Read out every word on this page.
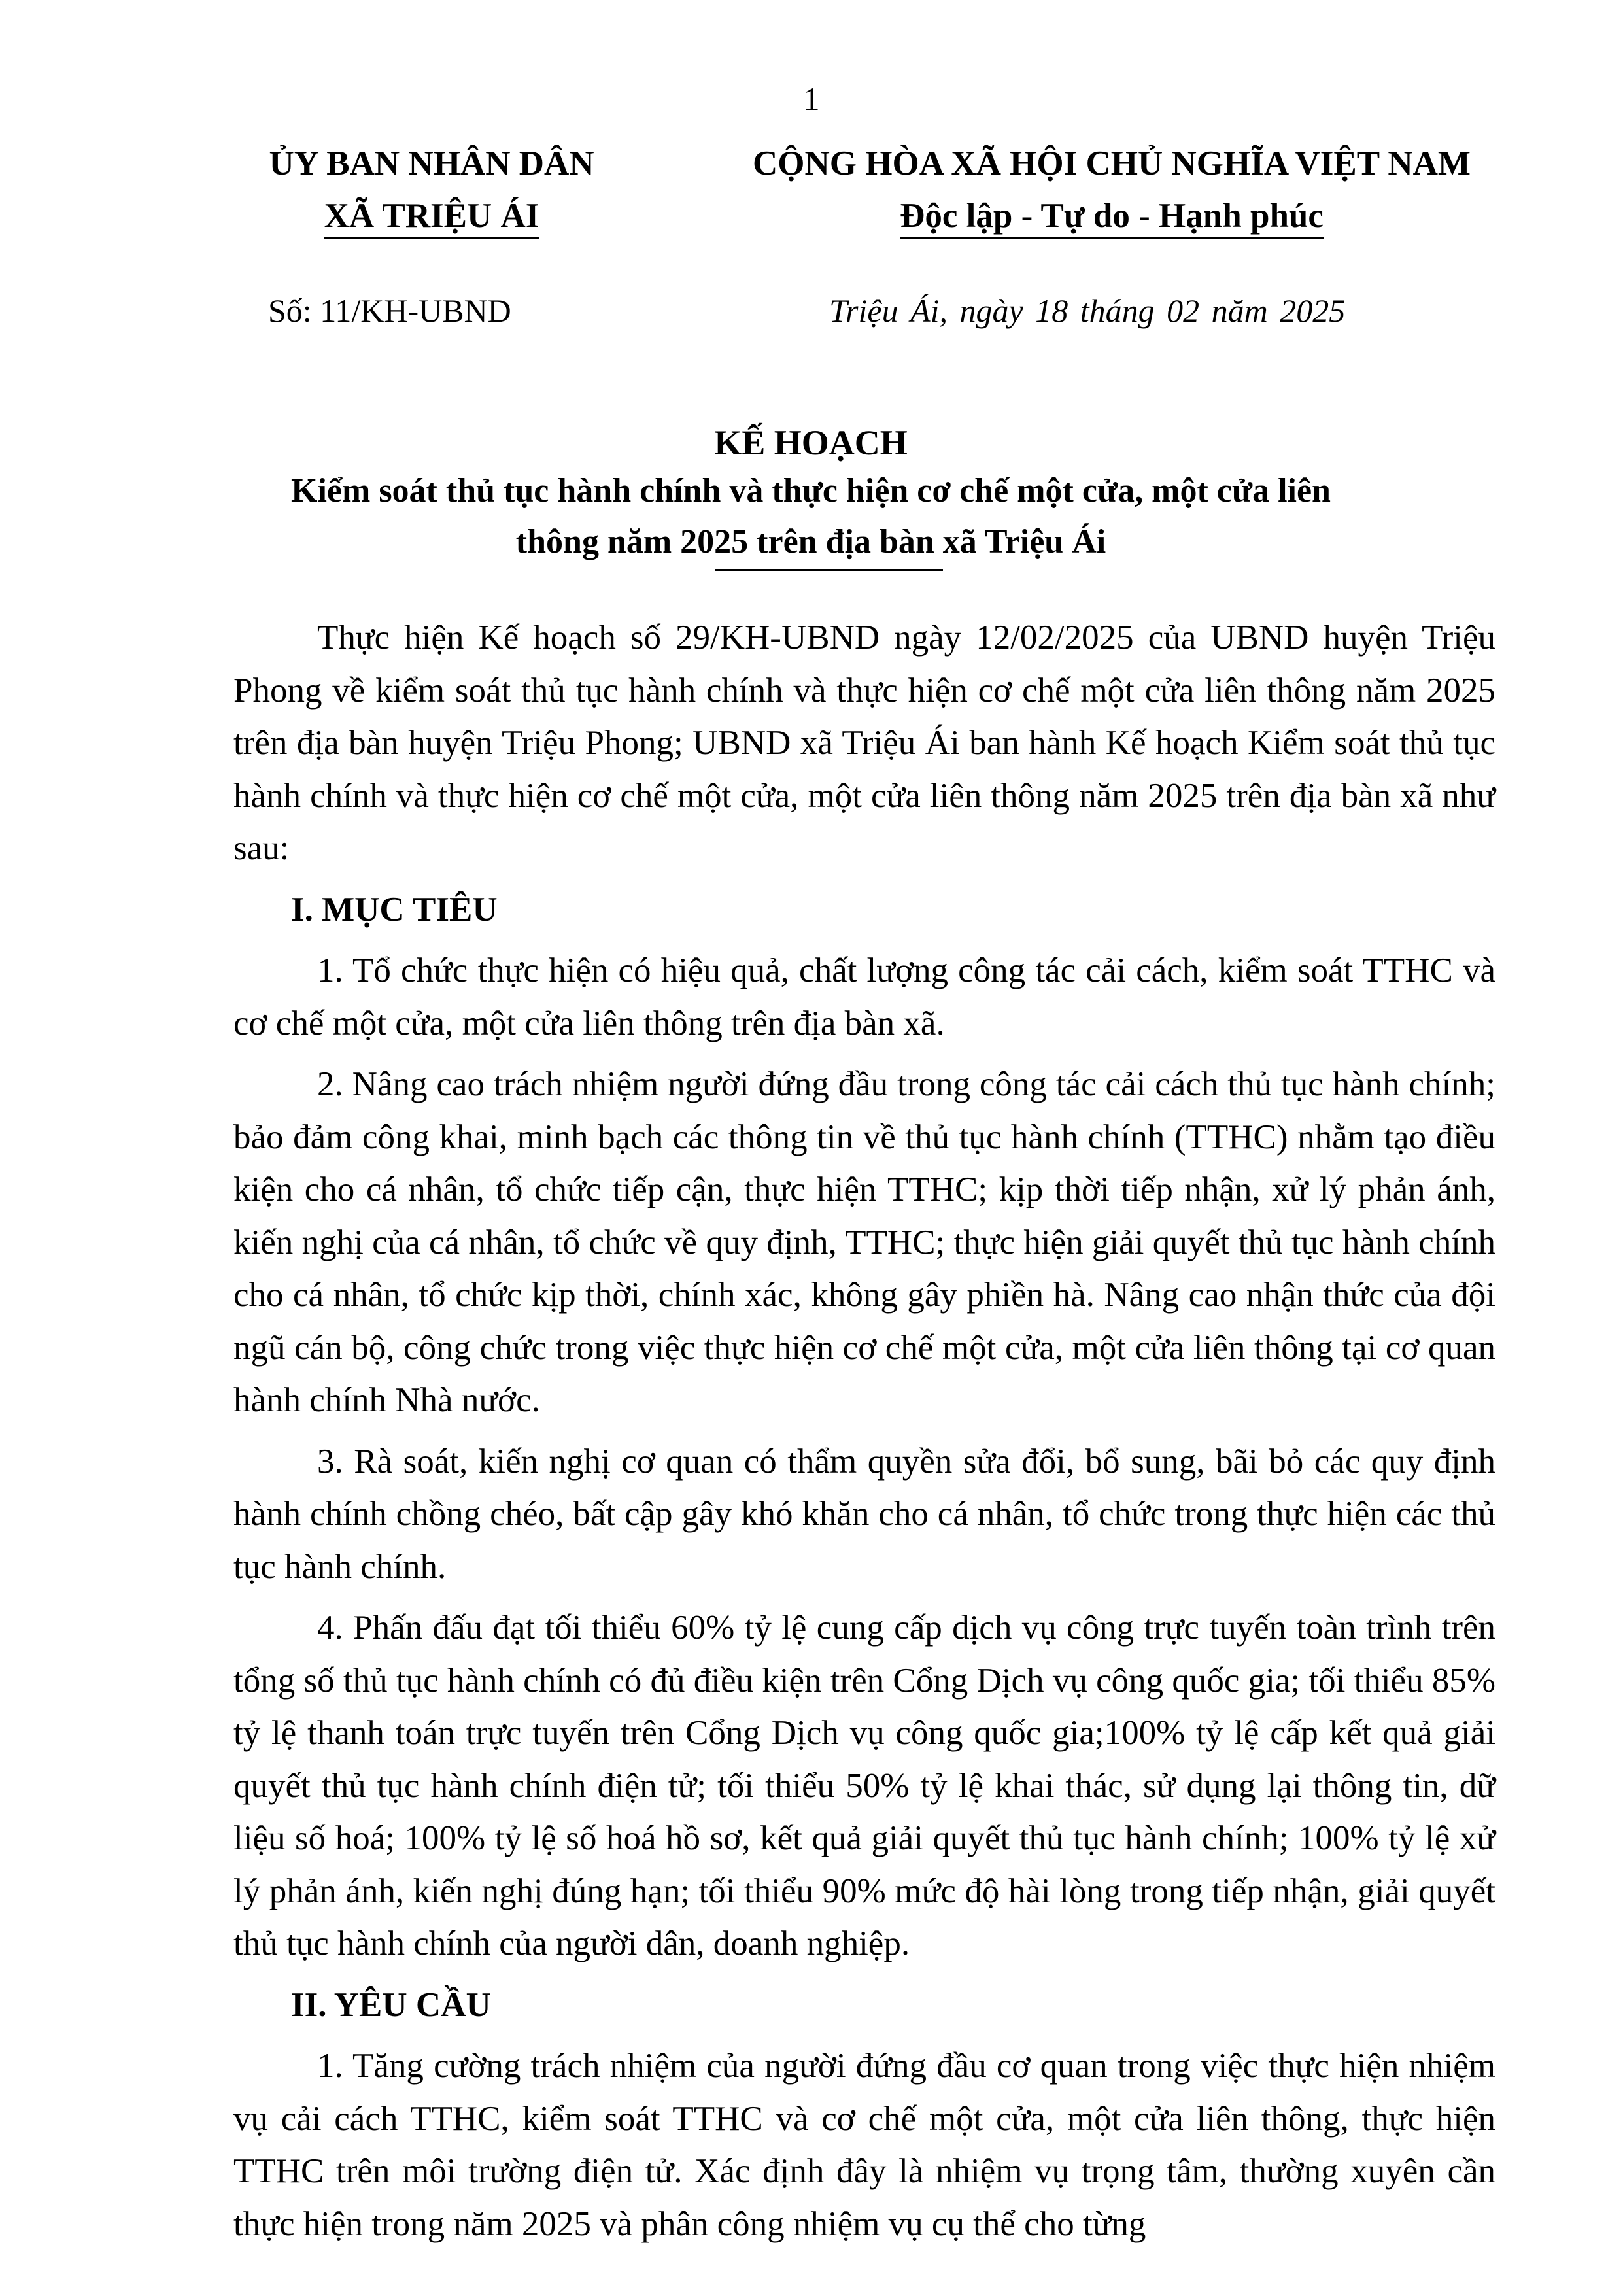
1
ỦY BAN NHÂN DÂN
XÃ TRIỆU ÁI
CỘNG HÒA XÃ HỘI CHỦ NGHĨA VIỆT NAM
Độc lập - Tự do - Hạnh phúc
Số: 11/KH-UBND	Triệu Ái, ngày 18 tháng 02 năm 2025
KẾ HOẠCH
Kiểm soát thủ tục hành chính và thực hiện cơ chế một cửa, một cửa liên
thông năm 2025 trên địa bàn xã Triệu Ái

Thực hiện Kế hoạch số 29/KH-UBND ngày 12/02/2025 của UBND huyện Triệu Phong về kiểm soát thủ tục hành chính và thực hiện cơ chế một cửa liên thông năm 2025 trên địa bàn huyện Triệu Phong; UBND xã Triệu Ái ban hành Kế hoạch Kiểm soát thủ tục hành chính và thực hiện cơ chế một cửa, một cửa liên thông năm 2025 trên địa bàn xã như sau:

I. MỤC TIÊU

1. Tổ chức thực hiện có hiệu quả, chất lượng công tác cải cách, kiểm soát TTHC và cơ chế một cửa, một cửa liên thông trên địa bàn xã.

2. Nâng cao trách nhiệm người đứng đầu trong công tác cải cách thủ tục hành chính; bảo đảm công khai, minh bạch các thông tin về thủ tục hành chính (TTHC) nhằm tạo điều kiện cho cá nhân, tổ chức tiếp cận, thực hiện TTHC; kịp thời tiếp nhận, xử lý phản ánh, kiến nghị của cá nhân, tổ chức về quy định, TTHC; thực hiện giải quyết thủ tục hành chính cho cá nhân, tổ chức kịp thời, chính xác, không gây phiền hà. Nâng cao nhận thức của đội ngũ cán bộ, công chức trong việc thực hiện cơ chế một cửa, một cửa liên thông tại cơ quan hành chính Nhà nước.

3. Rà soát, kiến nghị cơ quan có thẩm quyền sửa đổi, bổ sung, bãi bỏ các quy định hành chính chồng chéo, bất cập gây khó khăn cho cá nhân, tổ chức trong thực hiện các thủ tục hành chính.

4. Phấn đấu đạt tối thiểu 60% tỷ lệ cung cấp dịch vụ công trực tuyến toàn trình trên tổng số thủ tục hành chính có đủ điều kiện trên Cổng Dịch vụ công quốc gia; tối thiểu 85% tỷ lệ thanh toán trực tuyến trên Cổng Dịch vụ công quốc gia;100% tỷ lệ cấp kết quả giải quyết thủ tục hành chính điện tử; tối thiểu 50% tỷ lệ khai thác, sử dụng lại thông tin, dữ liệu số hoá; 100% tỷ lệ số hoá hồ sơ, kết quả giải quyết thủ tục hành chính; 100% tỷ lệ xử lý phản ánh, kiến nghị đúng hạn; tối thiểu 90% mức độ hài lòng trong tiếp nhận, giải quyết thủ tục hành chính của người dân, doanh nghiệp.

II. YÊU CẦU

1. Tăng cường trách nhiệm của người đứng đầu cơ quan trong việc thực hiện nhiệm vụ cải cách TTHC, kiểm soát TTHC và cơ chế một cửa, một cửa liên thông, thực hiện TTHC trên môi trường điện tử. Xác định đây là nhiệm vụ trọng tâm, thường xuyên cần thực hiện trong năm 2025 và phân công nhiệm vụ cụ thể cho từng
